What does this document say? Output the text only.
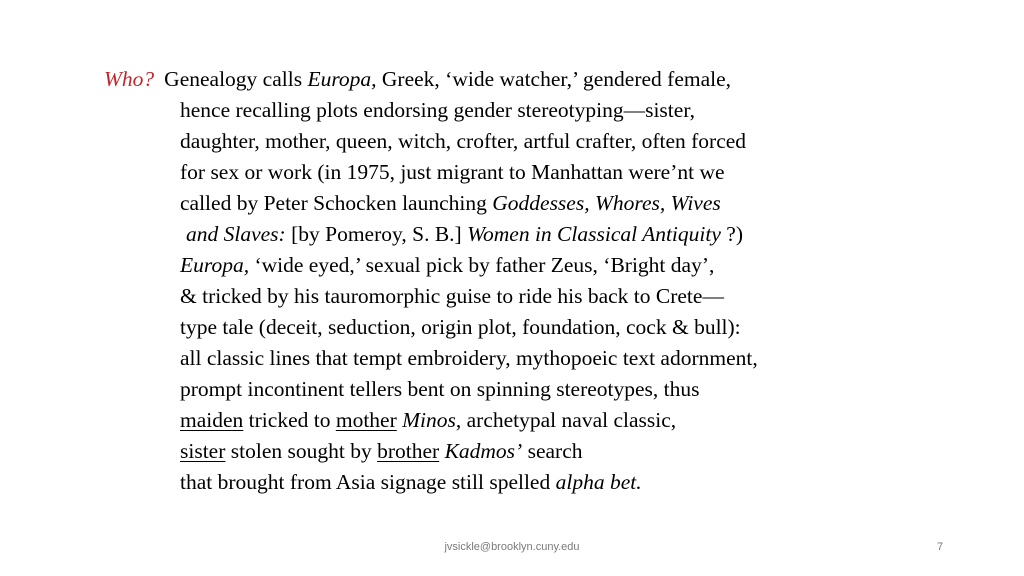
Who? Genealogy calls Europa, Greek, ‘wide watcher,’ gendered female,
hence recalling plots endorsing gender stereotyping—sister,
daughter, mother, queen, witch, crofter, artful crafter, often forced
for sex or work (in 1975, just migrant to Manhattan were’nt we
called by Peter Schocken launching Goddesses, Whores, Wives
and Slaves: [by Pomeroy, S. B.] Women in Classical Antiquity ?)
Europa, ‘wide eyed,’ sexual pick by father Zeus, ‘Bright day’,
& tricked by his tauromorphic guise to ride his back to Crete—
type tale (deceit, seduction, origin plot, foundation, cock & bull):
all classic lines that tempt embroidery, mythopoeic text adornment,
prompt incontinent tellers bent on spinning stereotypes, thus
maiden tricked to mother Minos, archetypal naval classic,
sister stolen sought by brother Kadmos’ search
that brought from Asia signage still spelled alpha bet.
jvsickle@brooklyn.cuny.edu	7
